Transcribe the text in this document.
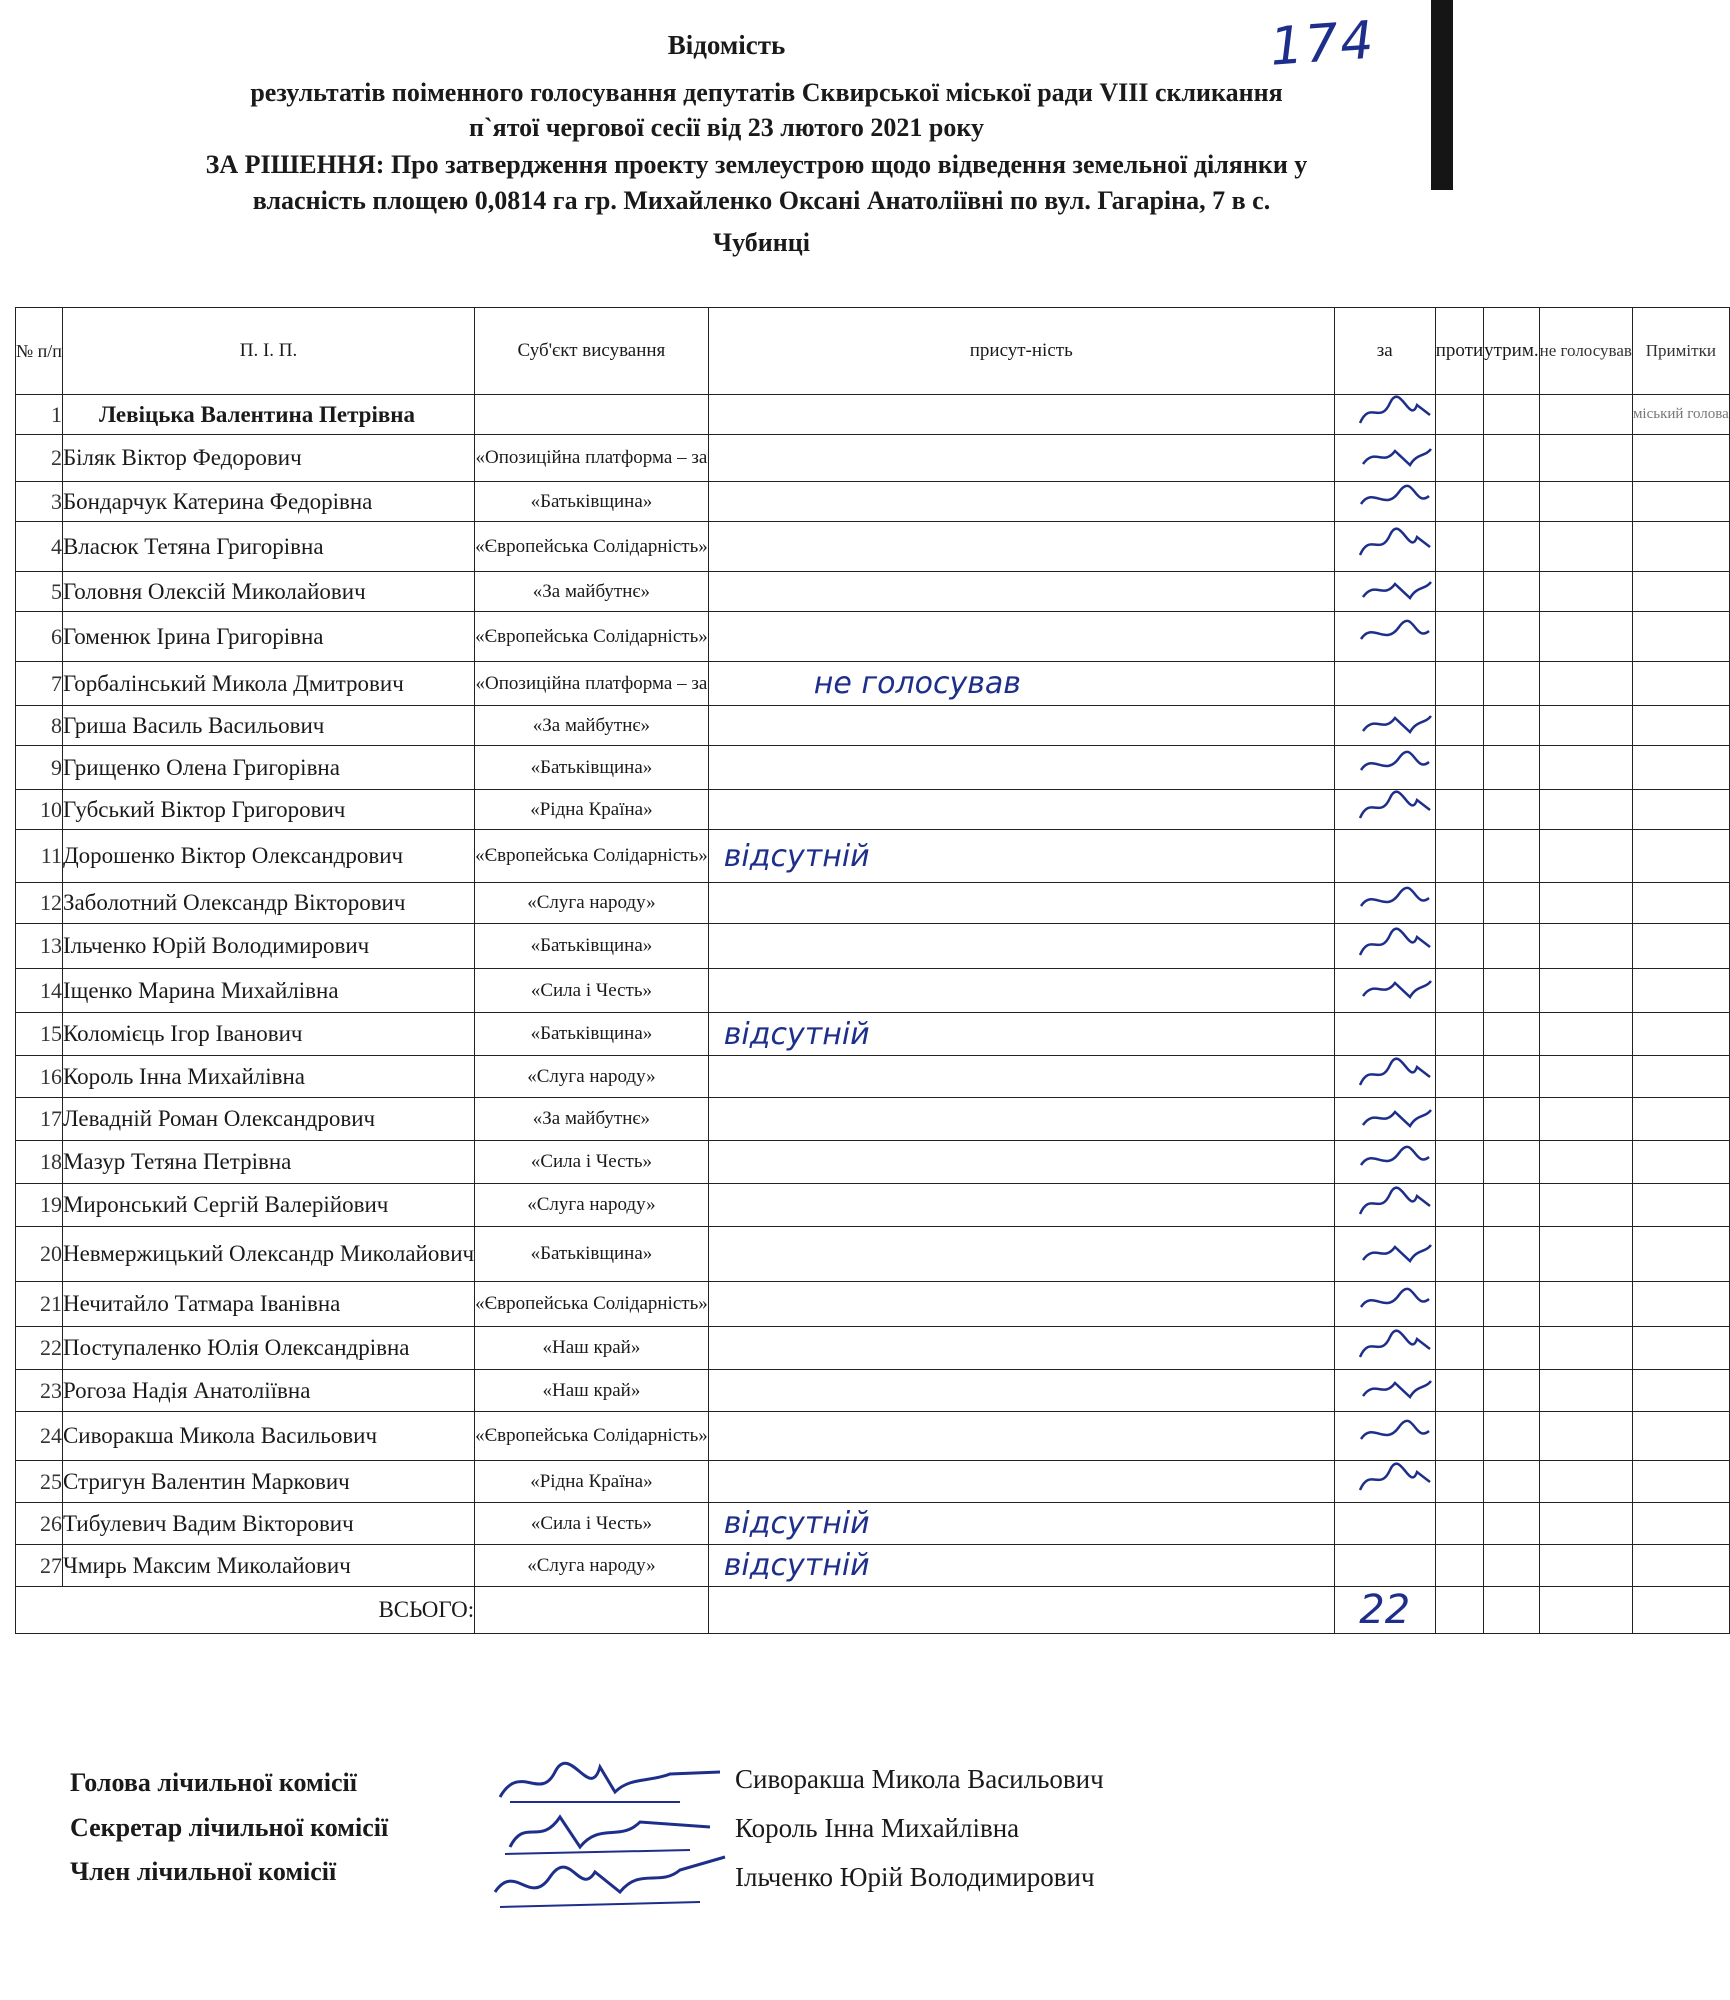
174
Відомість
результатів поіменного голосування депутатів Сквирської міської ради VIII скликання
п`ятої чергової сесії від 23 лютого 2021 року
ЗА РІШЕННЯ: Про затвердження проекту землеустрою щодо відведення земельної ділянки у
власність площею 0,0814 га гр. Михайленко Оксані Анатоліївні по вул. Гагаріна, 7 в с.
Чубинці
№ п/п	П. І. П.	Суб'єкт висування	присут-ність	за	проти	утрим.	не голосував	Примітки
1	Левіцька Валентина Петрівна							міський голова
2	Біляк Віктор Федорович	«Опозиційна платформа – за						
3	Бондарчук Катерина Федорівна	«Батьківщина»						
4	Власюк Тетяна Григорівна	«Європейська Солідарність»						
5	Головня Олексій Миколайович	«За майбутнє»						
6	Гоменюк Ірина Григорівна	«Європейська Солідарність»						
7	Горбалінський Микола Дмитрович	«Опозиційна платформа – за	не голосував					
8	Гриша Василь Васильович	«За майбутнє»						
9	Грищенко Олена Григорівна	«Батьківщина»						
10	Губський Віктор Григорович	«Рідна Країна»						
11	Дорошенко Віктор Олександрович	«Європейська Солідарність»	відсутній					
12	Заболотний Олександр Вікторович	«Слуга народу»						
13	Ільченко Юрій Володимирович	«Батьківщина»						
14	Іщенко Марина Михайлівна	«Сила і Честь»						
15	Коломієць Ігор Іванович	«Батьківщина»	відсутній					
16	Король Інна Михайлівна	«Слуга народу»						
17	Левадній Роман Олександрович	«За майбутнє»						
18	Мазур Тетяна Петрівна	«Сила і Честь»						
19	Миронський Сергій Валерійович	«Слуга народу»						
20	Невмержицький Олександр Миколайович	«Батьківщина»						
21	Нечитайло Татмара Іванівна	«Європейська Солідарність»						
22	Поступаленко Юлія Олександрівна	«Наш край»						
23	Рогоза Надія Анатоліївна	«Наш край»						
24	Сиворакша Микола Васильович	«Європейська Солідарність»						
25	Стригун Валентин Маркович	«Рідна Країна»						
26	Тибулевич Вадим Вікторович	«Сила і Честь»	відсутній					
27	Чмирь Максим Миколайович	«Слуга народу»	відсутній					
ВСЬОГО:				22				
Голова лічильної комісії
Секретар лічильної комісії
Член лічильної комісії
Сиворакша Микола Васильович
Король Інна Михайлівна
Ільченко Юрій Володимирович
